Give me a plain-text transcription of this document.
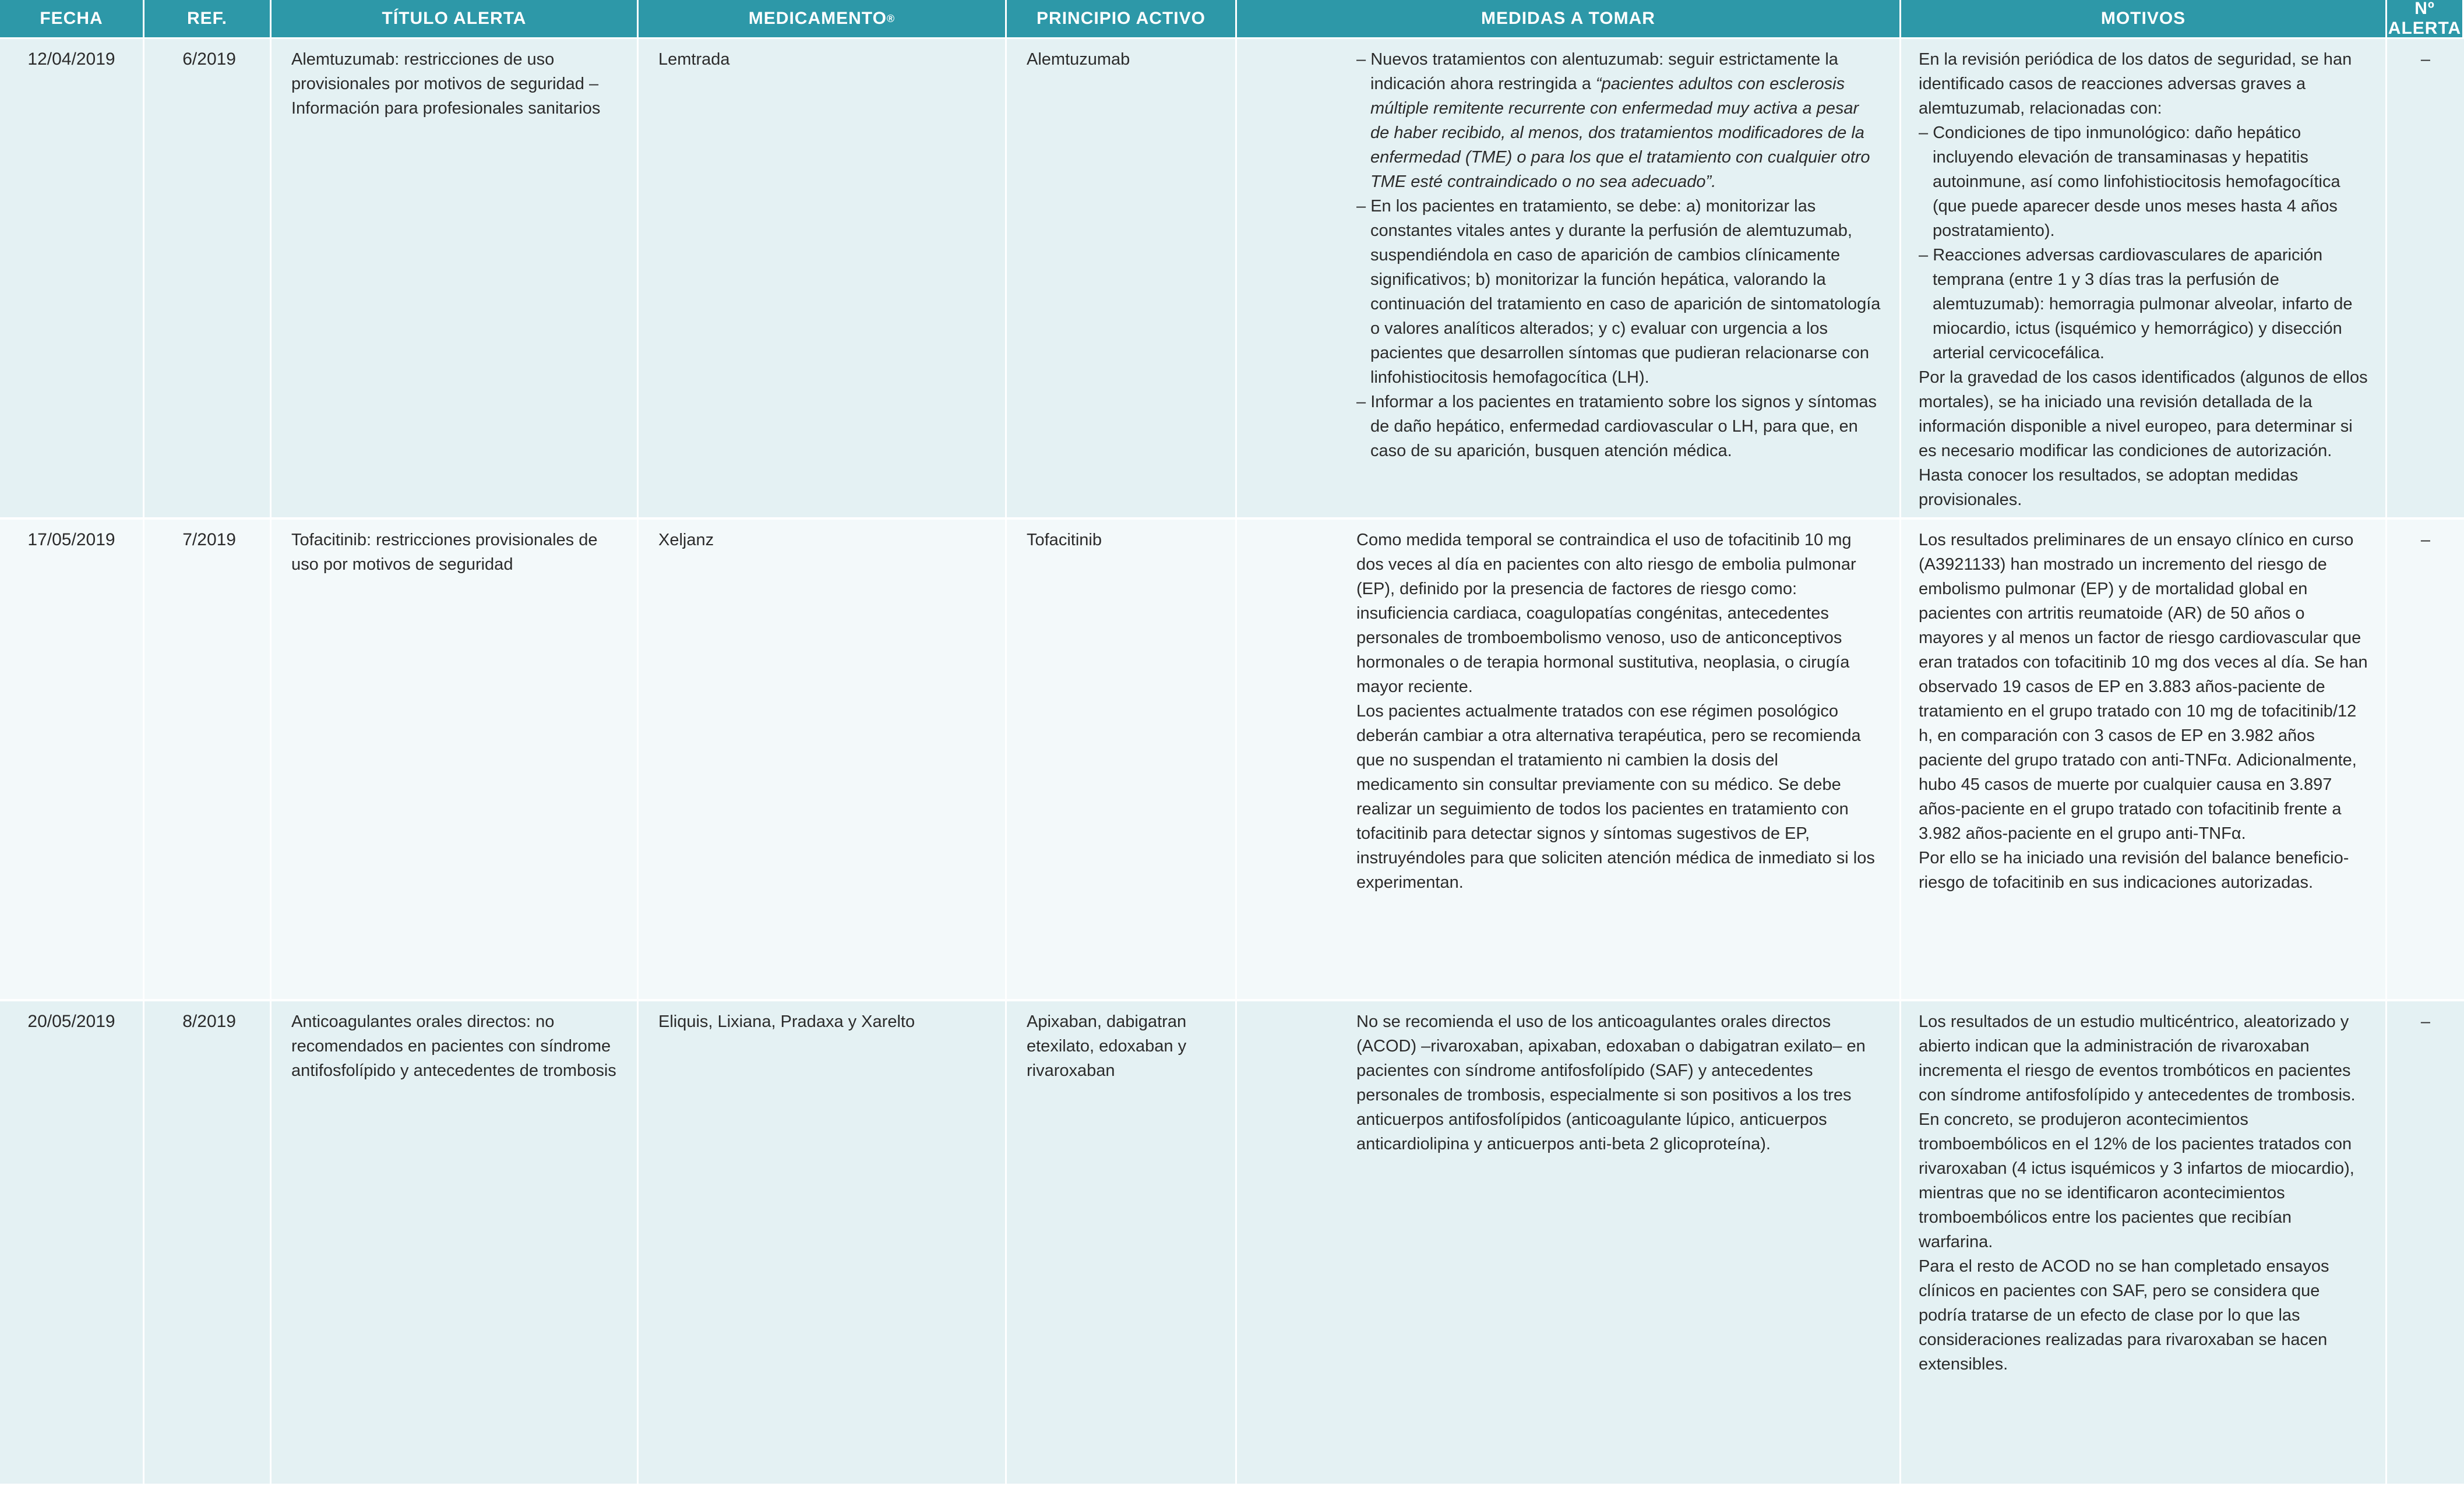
FECHA	REF.	TÍTULO ALERTA	MEDICAMENTO ®	PRINCIPIO ACTIVO	MEDIDAS A TOMAR	MOTIVOS
Nº ALERTA
12/04/2019	6/2019	Alemtuzumab: restricciones de uso provisionales por motivos de seguridad – Información para profesionales sanitarios
Lemtrada	Alemtuzumab
–	Nuevos tratamientos con alentuzumab: seguir estrictamente la indicación ahora restringida a “pacientes adultos con esclerosis múltiple remitente recurrente con enfermedad muy activa a pesar de haber recibido, al menos, dos tratamientos modificadores de la enfermedad (TME) o para los que el tratamiento con cualquier otro TME esté contraindicado o no sea adecuado”.
– En los pacientes en tratamiento, se debe: a) monitorizar las constantes vitales antes y durante la perfusión de alemtuzumab, suspendiéndola en caso de aparición de cambios clínicamente significativos; b) monitorizar la función hepática, valorando la continuación del tratamiento en caso de aparición de sintomatología o valores analíticos alterados; y c) evaluar con urgencia a los pacientes que desarrollen síntomas que pudieran relacionarse con linfohistiocitosis hemofagocítica (LH).
– Informar a los pacientes en tratamiento sobre los signos y síntomas de daño hepático, enfermedad cardiovascular o LH, para que, en caso de su aparición, busquen atención médica.

En la revisión periódica de los datos de seguridad, se han identificado casos de reacciones adversas graves a alemtuzumab, relacionadas con:

– Condiciones de tipo inmunológico: daño hepático incluyendo elevación de transaminasas y hepatitis autoinmune, así como linfohistiocitosis hemofagocítica (que puede aparecer desde unos meses hasta 4 años postratamiento).
– Reacciones adversas cardiovasculares de aparición temprana (entre 1 y 3 días tras la perfusión de alemtuzumab): hemorragia pulmonar alveolar, infarto de miocardio, ictus (isquémico y hemorrágico) y disección arterial cervicocefálica.

Por la gravedad de los casos identificados (algunos de ellos mortales), se ha iniciado una revisión detallada de la información disponible a nivel europeo, para determinar si es necesario modificar las condiciones de autorización. Hasta conocer los resultados, se adoptan medidas provisionales.

–
17/05/2019	7/2019	Tofacitinib: restricciones provisionales de uso por motivos de seguridad
Xeljanz	Tofacitinib	Como medida temporal se contraindica el uso de tofacitinib 10 mg dos veces al día en pacientes con alto riesgo de embolia pulmonar (EP), definido por la presencia de factores de riesgo como: insuficiencia cardiaca, coagulopatías congénitas, antecedentes personales de tromboembolismo venoso, uso de anticonceptivos hormonales o de terapia hormonal sustitutiva, neoplasia, o cirugía mayor reciente.

Los pacientes actualmente tratados con ese régimen posológico deberán cambiar a otra alternativa terapéutica, pero se recomienda que no suspendan el tratamiento ni cambien la dosis del medicamento sin consultar previamente con su médico. Se debe realizar un seguimiento de todos los pacientes en tratamiento con tofacitinib para detectar signos y síntomas sugestivos de EP, instruyéndoles para que soliciten atención médica de inmediato si los experimentan.

Los resultados preliminares de un ensayo clínico en curso (A3921133) han mostrado un incremento del riesgo de embolismo pulmonar (EP) y de mortalidad global en pacientes con artritis reumatoide (AR) de 50 años o mayores y al menos un factor de riesgo cardiovascular que eran tratados con tofacitinib 10 mg dos veces al día. Se han observado 19 casos de EP en 3.883 años-paciente de tratamiento en el grupo tratado con 10 mg de tofacitinib/12 h, en comparación con 3 casos de EP en 3.982 años paciente del grupo tratado con anti-TNFα. Adicionalmente, hubo 45 casos de muerte por cualquier causa en 3.897 años-paciente en el grupo tratado con tofacitinib frente a 3.982 años-paciente en el grupo anti-TNFα.

Por ello se ha iniciado una revisión del balance beneficio-riesgo de tofacitinib en sus indicaciones autorizadas.

–
20/05/2019	8/2019	Anticoagulantes orales directos: no recomendados en pacientes con síndrome antifosfolípido y antecedentes de trombosis
Eliquis, Lixiana, Pradaxa y Xarelto	Apixaban, dabigatran etexilato, edoxaban y rivaroxaban

No se recomienda el uso de los anticoagulantes orales directos (ACOD) –rivaroxaban, apixaban, edoxaban o dabigatran exilato– en pacientes con síndrome antifosfolípido (SAF) y antecedentes personales de trombosis, especialmente si son positivos a los tres anticuerpos antifosfolípidos (anticoagulante lúpico, anticuerpos anticardiolipina y anticuerpos anti-beta 2 glicoproteína).

Los resultados de un estudio multicéntrico, aleatorizado y abierto indican que la administración de rivaroxaban incrementa el riesgo de eventos trombóticos en pacientes con síndrome antifosfolípido y antecedentes de trombosis. En concreto, se produjeron acontecimientos tromboembólicos en el 12% de los pacientes tratados con rivaroxaban (4 ictus isquémicos y 3 infartos de miocardio), mientras que no se identificaron acontecimientos tromboembólicos entre los pacientes que recibían warfarina.

Para el resto de ACOD no se han completado ensayos clínicos en pacientes con SAF, pero se considera que podría tratarse de un efecto de clase por lo que las consideraciones realizadas para rivaroxaban se hacen extensibles.

–
